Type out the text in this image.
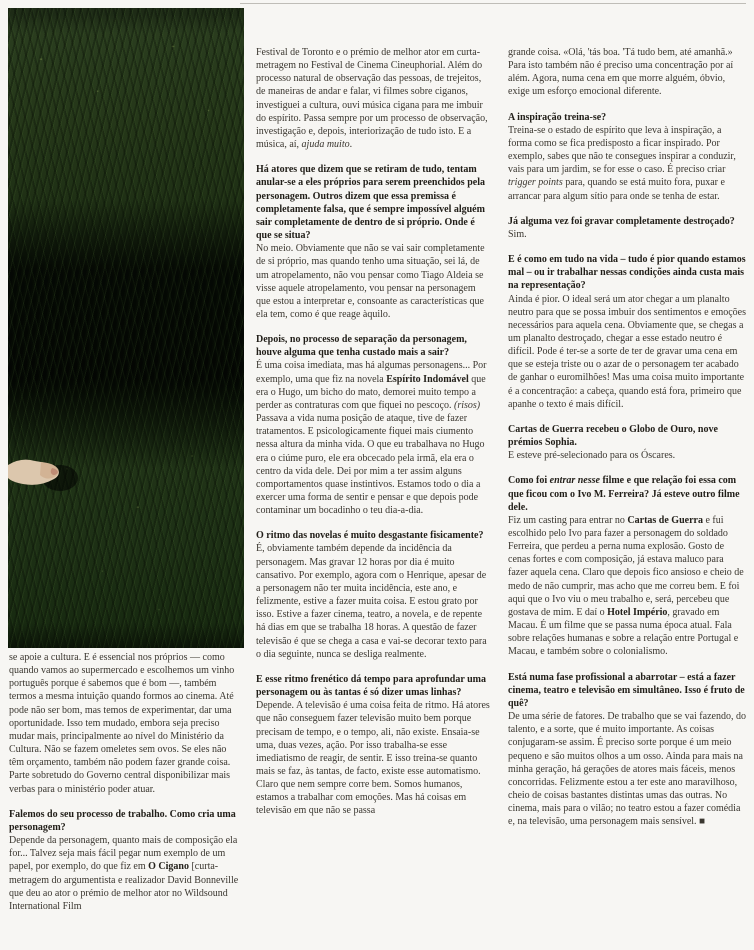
se apoie a cultura. E é essencial nos próprios — como quando vamos ao supermercado e escolhemos um vinho português porque é sabemos que é bom —, também termos a mesma intuição quando formos ao cinema. Até pode não ser bom, mas temos de experimentar, dar uma oportunidade. Isso tem mudado, embora seja preciso mudar mais, principalmente ao nível do Ministério da Cultura. Não se fazem omeletes sem ovos. Se eles não têm orçamento, também não podem fazer grande coisa. Parte sobretudo do Governo central disponibilizar mais verbas para o ministério poder atuar.

Falemos do seu processo de trabalho. Como cria uma personagem?

Depende da personagem, quanto mais de composição ela for... Talvez seja mais fácil pegar num exemplo de um papel, por exemplo, do que fiz em O Cigano [curta-metragem do argumentista e realizador David Bonneville que deu ao ator o prémio de melhor ator no Wildsound International Film

Festival de Toronto e o prémio de melhor ator em curta-metragem no Festival de Cinema Cineuphorial. Além do processo natural de observação das pessoas, de trejeitos, de maneiras de andar e falar, vi filmes sobre ciganos, investiguei a cultura, ouvi música cigana para me imbuir do espírito. Passa sempre por um processo de observação, investigação e, depois, interiorização de tudo isto. E a música, aí, ajuda muito.

Há atores que dizem que se retiram de tudo, tentam anular-se a eles próprios para serem preenchidos pela personagem. Outros dizem que essa premissa é completamente falsa, que é sempre impossível alguém sair completamente de dentro de si próprio. Onde é que se situa?

No meio. Obviamente que não se vai sair completamente de si próprio, mas quando tenho uma situação, sei lá, de um atropelamento, não vou pensar como Tiago Aldeia se visse aquele atropelamento, vou pensar na personagem que estou a interpretar e, consoante as características que ela tem, como é que reage àquilo.

Depois, no processo de separação da personagem, houve alguma que tenha custado mais a sair?

É uma coisa imediata, mas há algumas personagens... Por exemplo, uma que fiz na novela Espírito Indomável que era o Hugo, um bicho do mato, demorei muito tempo a perder as contraturas com que fiquei no pescoço. (risos) Passava a vida numa posição de ataque, tive de fazer tratamentos. E psicologicamente fiquei mais ciumento nessa altura da minha vida. O que eu trabalhava no Hugo era o ciúme puro, ele era obcecado pela irmã, ela era o centro da vida dele. Dei por mim a ter assim alguns comportamentos quase instintivos. Estamos todo o dia a exercer uma forma de sentir e pensar e que depois pode contaminar um bocadinho o teu dia-a-dia.

O ritmo das novelas é muito desgastante fisicamente?

É, obviamente também depende da incidência da personagem. Mas gravar 12 horas por dia é muito cansativo. Por exemplo, agora com o Henrique, apesar de a personagem não ter muita incidência, este ano, e felizmente, estive a fazer muita coisa. E estou grato por isso. Estive a fazer cinema, teatro, a novela, e de repente há dias em que se trabalha 18 horas. A questão de fazer televisão é que se chega a casa e vai-se decorar texto para o dia seguinte, nunca se desliga realmente.

E esse ritmo frenético dá tempo para aprofundar uma personagem ou às tantas é só dizer umas linhas?

Depende. A televisão é uma coisa feita de ritmo. Há atores que não conseguem fazer televisão muito bem porque precisam de tempo, e o tempo, ali, não existe. Ensaia-se uma, duas vezes, ação. Por isso trabalha-se esse imediatismo de reagir, de sentir. E isso treina-se quanto mais se faz, às tantas, de facto, existe esse automatismo. Claro que nem sempre corre bem. Somos humanos, estamos a trabalhar com emoções. Mas há coisas em televisão em que não se passa

grande coisa. «Olá, 'tás boa. 'Tá tudo bem, até amanhã.» Para isto também não é preciso uma concentração por aí além. Agora, numa cena em que morre alguém, óbvio, exige um esforço emocional diferente.

A inspiração treina-se?

Treina-se o estado de espírito que leva à inspiração, a forma como se fica predisposto a ficar inspirado. Por exemplo, sabes que não te consegues inspirar a conduzir, vais para um jardim, se for esse o caso. É preciso criar trigger points para, quando se está muito fora, puxar e arrancar para algum sítio para onde se tenha de estar.

Já alguma vez foi gravar completamente destroçado?

Sim.

E é como em tudo na vida – tudo é pior quando estamos mal – ou ir trabalhar nessas condições ainda custa mais na representação?

Ainda é pior. O ideal será um ator chegar a um planalto neutro para que se possa imbuir dos sentimentos e emoções necessários para aquela cena. Obviamente que, se chegas a um planalto destroçado, chegar a esse estado neutro é difícil. Pode é ter-se a sorte de ter de gravar uma cena em que se esteja triste ou o azar de o personagem ter acabado de ganhar o euromilhões! Mas uma coisa muito importante é a concentração: a cabeça, quando está fora, primeiro que apanhe o texto é mais difícil.

Cartas de Guerra recebeu o Globo de Ouro, nove prémios Sophia.

E esteve pré-selecionado para os Óscares.

Como foi entrar nesse filme e que relação foi essa com que ficou com o Ivo M. Ferreira? Já esteve outro filme dele.

Fiz um casting para entrar no Cartas de Guerra e fui escolhido pelo Ivo para fazer a personagem do soldado Ferreira, que perdeu a perna numa explosão. Gosto de cenas fortes e com composição, já estava maluco para fazer aquela cena. Claro que depois fico ansioso e cheio de medo de não cumprir, mas acho que me correu bem. E foi aqui que o Ivo viu o meu trabalho e, será, percebeu que gostava de mim. E daí o Hotel Império, gravado em Macau. É um filme que se passa numa época atual. Fala sobre relações humanas e sobre a relação entre Portugal e Macau, e também sobre o colonialismo.

Está numa fase profissional a abarrotar – está a fazer cinema, teatro e televisão em simultâneo. Isso é fruto de quê?

De uma série de fatores. De trabalho que se vai fazendo, do talento, e a sorte, que é muito importante. As coisas conjugaram-se assim. É preciso sorte porque é um meio pequeno e são muitos olhos a um osso. Ainda para mais na minha geração, há gerações de atores mais fáceis, menos concorridas. Felizmente estou a ter este ano maravilhoso, cheio de coisas bastantes distintas umas das outras. No cinema, mais para o vilão; no teatro estou a fazer comédia e, na televisão, uma personagem mais sensível. ■
